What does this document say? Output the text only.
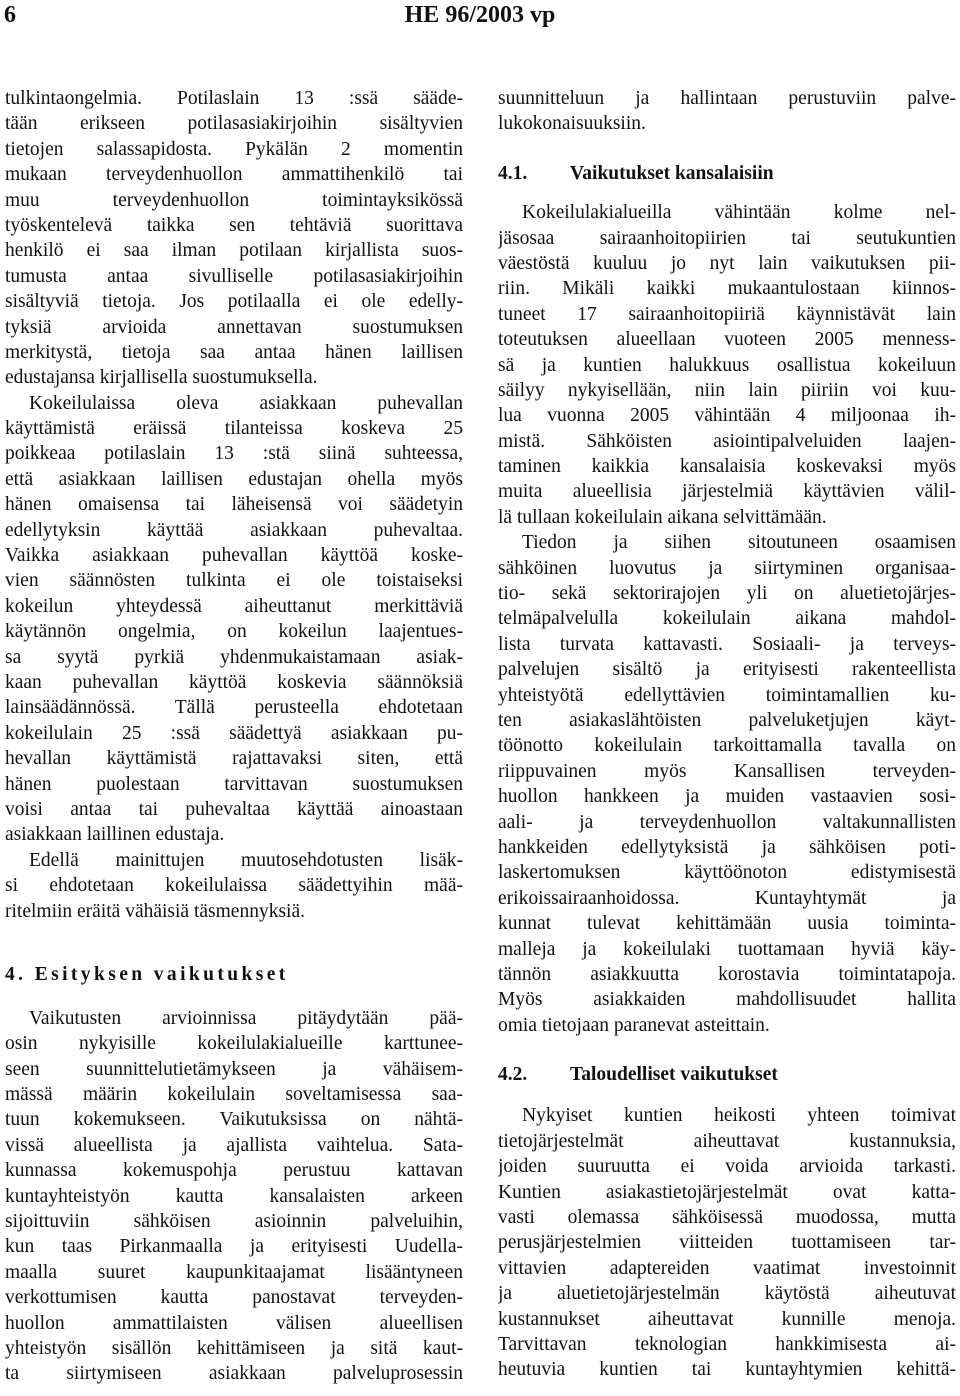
6	HE 96/2003 vp
tulkintaongelmia. Potilaslain 13 :ssä sääde-
tään erikseen potilasasiakirjoihin sisältyvien
tietojen salassapidosta. Pykälän 2 momentin
mukaan terveydenhuollon ammattihenkilö tai
muu terveydenhuollon toimintayksikössä
työskentelevä taikka sen tehtäviä suorittava
henkilö ei saa ilman potilaan kirjallista suos-
tumusta antaa sivulliselle potilasasiakirjoihin
sisältyviä tietoja. Jos potilaalla ei ole edelly-
tyksiä arvioida annettavan suostumuksen
merkitystä, tietoja saa antaa hänen laillisen
edustajansa kirjallisella suostumuksella.
Kokeilulaissa oleva asiakkaan puhevallan
käyttämistä eräissä tilanteissa koskeva 25
poikkeaa potilaslain 13 :stä siinä suhteessa,
että asiakkaan laillisen edustajan ohella myös
hänen omaisensa tai läheisensä voi säädetyin
edellytyksin käyttää asiakkaan puhevaltaa.
Vaikka asiakkaan puhevallan käyttöä koske-
vien säännösten tulkinta ei ole toistaiseksi
kokeilun yhteydessä aiheuttanut merkittäviä
käytännön ongelmia, on kokeilun laajentues-
sa syytä pyrkiä yhdenmukaistamaan asiak-
kaan puhevallan käyttöä koskevia säännöksiä
lainsäädännössä. Tällä perusteella ehdotetaan
kokeilulain 25 :ssä säädettyä asiakkaan pu-
hevallan käyttämistä rajattavaksi siten, että
hänen puolestaan tarvittavan suostumuksen
voisi antaa tai puhevaltaa käyttää ainoastaan
asiakkaan laillinen edustaja.
Edellä mainittujen muutosehdotusten lisäk-
si ehdotetaan kokeilulaissa säädettyihin mää-
ritelmiin eräitä vähäisiä täsmennyksiä.
4. Esityksen vaikutukset
Vaikutusten arvioinnissa pitäydytään pää-
osin nykyisille kokeilulakialueille karttunee-
seen suunnittelutietämykseen ja vähäisem-
mässä määrin kokeilulain soveltamisessa saa-
tuun kokemukseen. Vaikutuksissa on nähtä-
vissä alueellista ja ajallista vaihtelua. Sata-
kunnassa kokemuspohja perustuu kattavan
kuntayhteistyön kautta kansalaisten arkeen
sijoittuviin sähköisen asioinnin palveluihin,
kun taas Pirkanmaalla ja erityisesti Uudella-
maalla suuret kaupunkitaajamat lisääntyneen
verkottumisen kautta panostavat terveyden-
huollon ammattilaisten välisen alueellisen
yhteistyön sisällön kehittämiseen ja sitä kaut-
ta siirtymiseen asiakkaan palveluprosessin
suunnitteluun ja hallintaan perustuviin palve-
lukokonaisuuksiin.
4.1. Vaikutukset kansalaisiin
Kokeilulakialueilla vähintään kolme nel-
jäsosaa sairaanhoitopiirien tai seutukuntien
väestöstä kuuluu jo nyt lain vaikutuksen pii-
riin. Mikäli kaikki mukaantulostaan kiinnos-
tuneet 17 sairaanhoitopiiriä käynnistävät lain
toteutuksen alueellaan vuoteen 2005 menness-
sä ja kuntien halukkuus osallistua kokeiluun
säilyy nykyisellään, niin lain piiriin voi kuu-
lua vuonna 2005 vähintään 4 miljoonaa ih-
mistä. Sähköisten asiointipalveluiden laajen-
taminen kaikkia kansalaisia koskevaksi myös
muita alueellisia järjestelmiä käyttävien välil-
lä tullaan kokeilulain aikana selvittämään.
Tiedon ja siihen sitoutuneen osaamisen
sähköinen luovutus ja siirtyminen organisaa-
tio- sekä sektorirajojen yli on aluetietojärjes-
telmäpalvelulla kokeilulain aikana mahdol-
lista turvata kattavasti. Sosiaali- ja terveys-
palvelujen sisältö ja erityisesti rakenteellista
yhteistyötä edellyttävien toimintamallien ku-
ten asiakaslähtöisten palveluketjujen käyt-
töönotto kokeilulain tarkoittamalla tavalla on
riippuvainen myös Kansallisen terveyden-
huollon hankkeen ja muiden vastaavien sosi-
aali- ja terveydenhuollon valtakunnallisten
hankkeiden edellytyksistä ja sähköisen poti-
laskertomuksen käyttöönoton edistymisestä
erikoissairaanhoidossa. Kuntayhtymät ja
kunnat tulevat kehittämään uusia toiminta-
malleja ja kokeilulaki tuottamaan hyviä käy-
tännön asiakkuutta korostavia toimintatapoja.
Myös asiakkaiden mahdollisuudet hallita
omia tietojaan paranevat asteittain.
4.2. Taloudelliset vaikutukset
Nykyiset kuntien heikosti yhteen toimivat
tietojärjestelmät aiheuttavat kustannuksia,
joiden suuruutta ei voida arvioida tarkasti.
Kuntien asiakastietojärjestelmät ovat katta-
vasti olemassa sähköisessä muodossa, mutta
perusjärjestelmien viitteiden tuottamiseen tar-
vittavien adaptereiden vaatimat investoinnit
ja aluetietojärjestelmän käytöstä aiheutuvat
kustannukset aiheuttavat kunnille menoja.
Tarvittavan teknologian hankkimisesta ai-
heutuvia kuntien tai kuntayhtymien kehittä-
